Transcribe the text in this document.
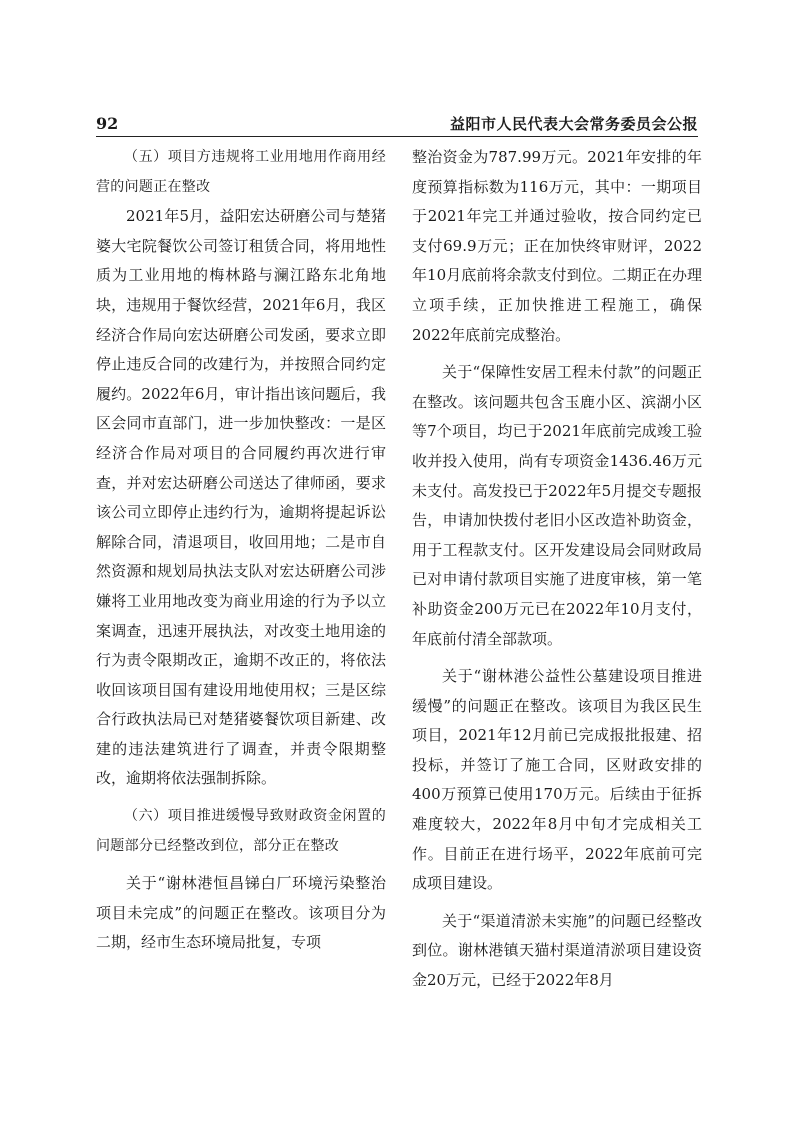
92	益阳市人民代表大会常务委员会公报

（五）项目方违规将工业用地用作商用经营的问题正在整改

2021年5月，益阳宏达研磨公司与楚猪婆大宅院餐饮公司签订租赁合同，将用地性质为工业用地的梅林路与澜江路东北角地块，违规用于餐饮经营，2021年6月，我区经济合作局向宏达研磨公司发函，要求立即停止违反合同的改建行为，并按照合同约定履约。2022年6月，审计指出该问题后，我区会同市直部门，进一步加快整改：一是区经济合作局对项目的合同履约再次进行审查，并对宏达研磨公司送达了律师函，要求该公司立即停止违约行为，逾期将提起诉讼解除合同，清退项目，收回用地；二是市自然资源和规划局执法支队对宏达研磨公司涉嫌将工业用地改变为商业用途的行为予以立案调查，迅速开展执法，对改变土地用途的行为责令限期改正，逾期不改正的，将依法收回该项目国有建设用地使用权；三是区综合行政执法局已对楚猪婆餐饮项目新建、改建的违法建筑进行了调查，并责令限期整改，逾期将依法强制拆除。

（六）项目推进缓慢导致财政资金闲置的问题部分已经整改到位，部分正在整改

关于“谢林港恒昌锑白厂环境污染整治项目未完成”的问题正在整改。该项目分为二期，经市生态环境局批复，专项

整治资金为787.99万元。2021年安排的年度预算指标数为116万元，其中：一期项目于2021年完工并通过验收，按合同约定已支付69.9万元；正在加快终审财评，2022年10月底前将余款支付到位。二期正在办理立项手续，正加快推进工程施工，确保2022年底前完成整治。

关于“保障性安居工程未付款”的问题正在整改。该问题共包含玉鹿小区、滨湖小区等7个项目，均已于2021年底前完成竣工验收并投入使用，尚有专项资金1436.46万元未支付。高发投已于2022年5月提交专题报告，申请加快拨付老旧小区改造补助资金，用于工程款支付。区开发建设局会同财政局已对申请付款项目实施了进度审核，第一笔补助资金200万元已在2022年10月支付，年底前付清全部款项。

关于“谢林港公益性公墓建设项目推进缓慢”的问题正在整改。该项目为我区民生项目，2021年12月前已完成报批报建、招投标，并签订了施工合同，区财政安排的400万预算已使用170万元。后续由于征拆难度较大，2022年8月中旬才完成相关工作。目前正在进行场平，2022年底前可完成项目建设。

关于“渠道清淤未实施”的问题已经整改到位。谢林港镇天猫村渠道清淤项目建设资金20万元，已经于2022年8月
